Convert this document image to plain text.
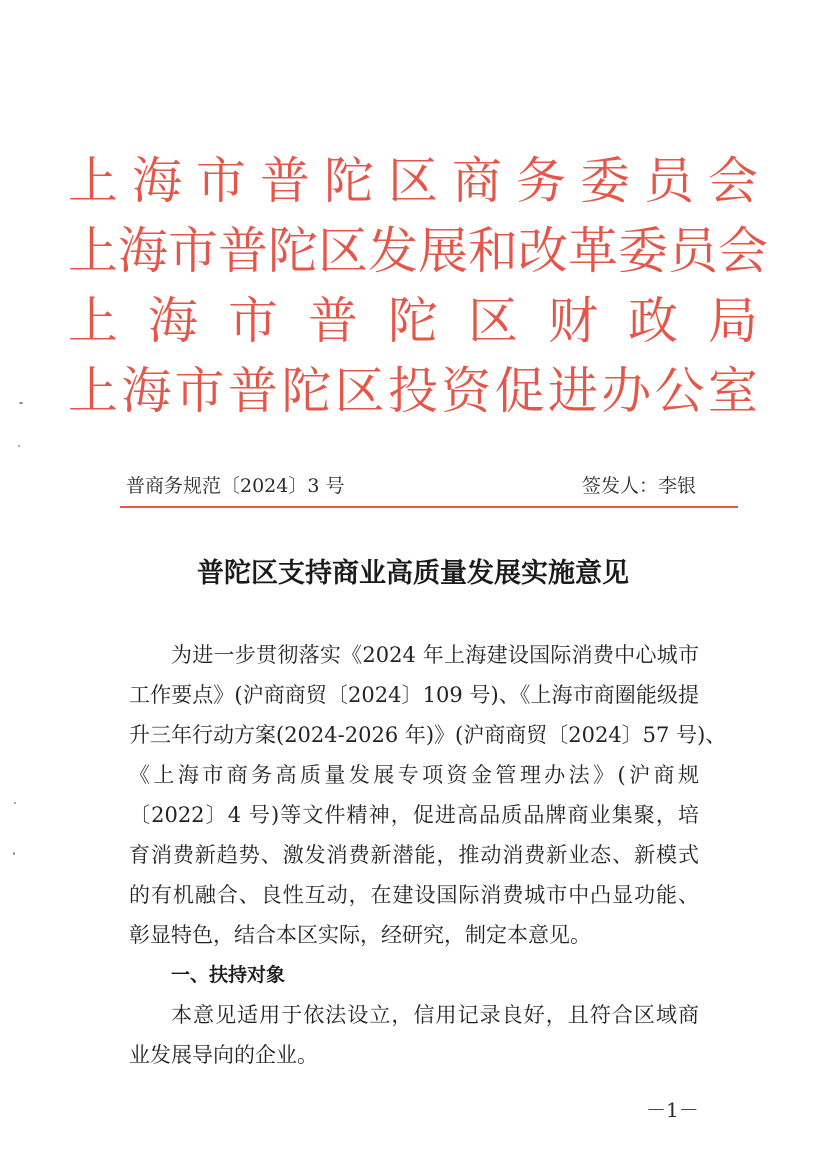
上 海 市 普 陀 区 商 务 委 员 会
上 海 市 普 陀 区 发 展 和 改 革 委 员 会
上 海 市 普 陀 区 财 政 局
上 海 市 普 陀 区 投 资 促 进 办 公 室
普商务规范〔2024〕3 号	签发人：李银
普陀区支持商业高质量发展实施意见
为进一步贯彻落实《2024 年上海建设国际消费中心城市
工作要点》(沪商商贸〔2024〕109 号)、《上海市商圈能级提
升三年行动方案(2024-2026 年)》(沪商商贸〔2024〕57 号)、
《上海市商务高质量发展专项资金管理办法》(沪商规
〔2022〕4 号)等文件精神，促进高品质品牌商业集聚，培
育消费新趋势、激发消费新潜能，推动消费新业态、新模式
的有机融合、良性互动，在建设国际消费城市中凸显功能、
彰显特色，结合本区实际，经研究，制定本意见。
一、扶持对象
本意见适用于依法设立，信用记录良好，且符合区域商
业发展导向的企业。
－1－
